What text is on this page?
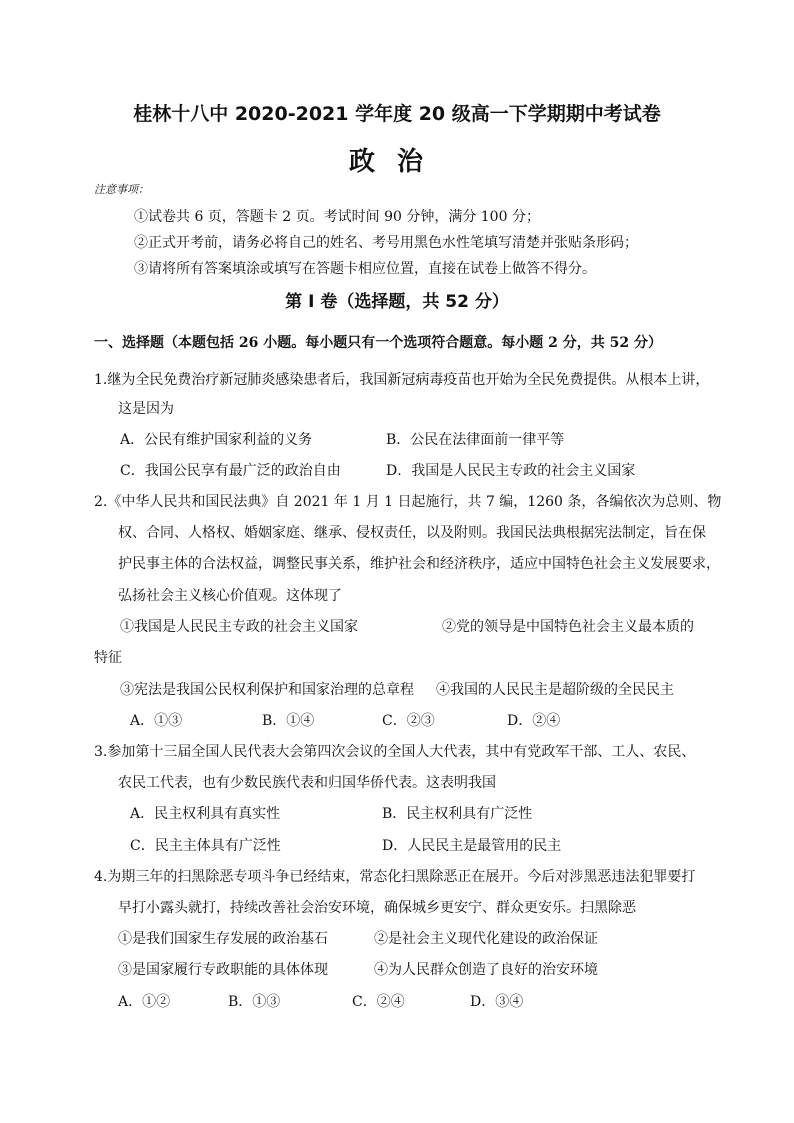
桂林十八中 2020-2021 学年度 20 级高一下学期期中考试卷
政治
注意事项：
①试卷共 6 页，答题卡 2 页。考试时间 90 分钟，满分 100 分；
②正式开考前，请务必将自己的姓名、考号用黑色水性笔填写清楚并张贴条形码；
③请将所有答案填涂或填写在答题卡相应位置，直接在试卷上做答不得分。
第 I 卷（选择题，共 52 分）
一、选择题（本题包括 26 小题。每小题只有一个选项符合题意。每小题 2 分，共 52 分）
1.继为全民免费治疗新冠肺炎感染患者后，我国新冠病毒疫苗也开始为全民免费提供。从根本上讲，
这是因为
A．公民有维护国家利益的义务	B．公民在法律面前一律平等
C．我国公民享有最广泛的政治自由	D．我国是人民民主专政的社会主义国家
2.《中华人民共和国民法典》自 2021 年 1 月 1 日起施行，共 7 编，1260 条，各编依次为总则、物
权、合同、人格权、婚姻家庭、继承、侵权责任，以及附则。我国民法典根据宪法制定，旨在保
护民事主体的合法权益，调整民事关系，维护社会和经济秩序，适应中国特色社会主义发展要求，
弘扬社会主义核心价值观。这体现了
①我国是人民民主专政的社会主义国家	②党的领导是中国特色社会主义最本质的
特征
③宪法是我国公民权利保护和国家治理的总章程 ④我国的人民民主是超阶级的全民民主
A．①③	B．①④	C．②③	D．②④
3.参加第十三届全国人民代表大会第四次会议的全国人大代表，其中有党政军干部、工人、农民、
农民工代表，也有少数民族代表和归国华侨代表。这表明我国
A．民主权利具有真实性	B．民主权利具有广泛性
C．民主主体具有广泛性	D．人民民主是最管用的民主
4.为期三年的扫黑除恶专项斗争已经结束，常态化扫黑除恶正在展开。今后对涉黑恶违法犯罪要打
早打小露头就打，持续改善社会治安环境，确保城乡更安宁、群众更安乐。扫黑除恶
①是我们国家生存发展的政治基石	②是社会主义现代化建设的政治保证
③是国家履行专政职能的具体体现	④为人民群众创造了良好的治安环境
A．①②	B．①③	C．②④	D．③④
